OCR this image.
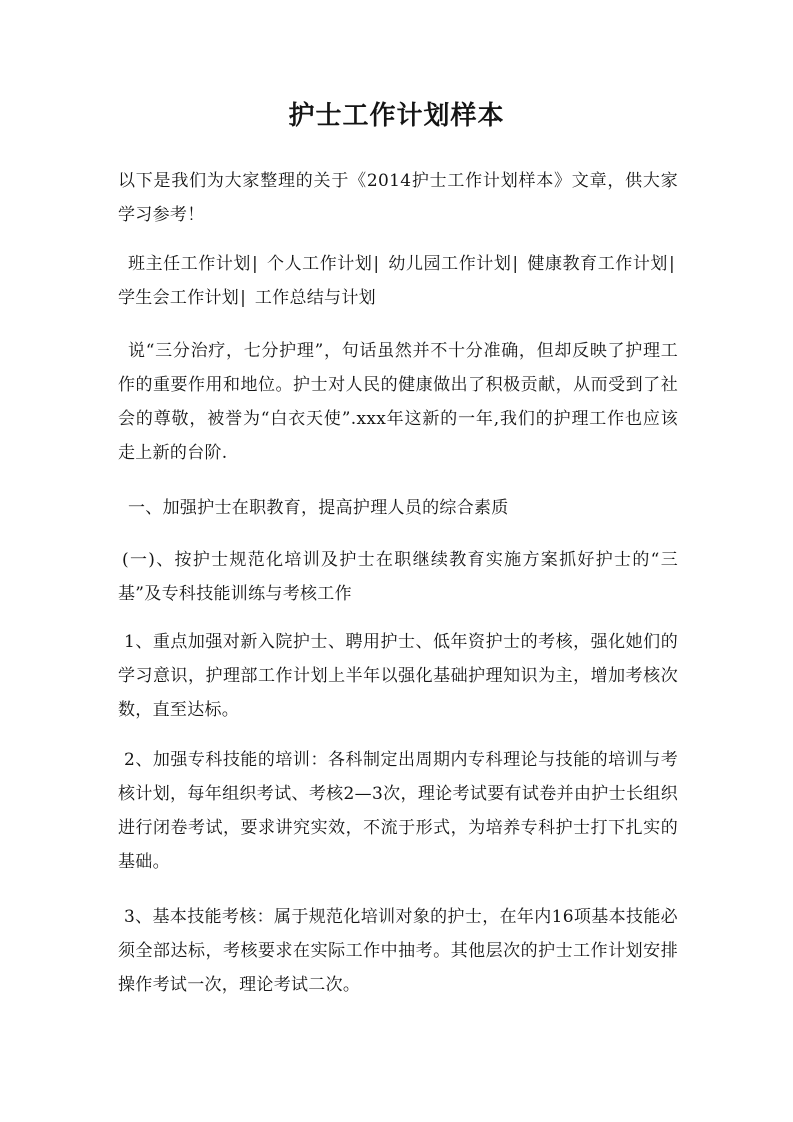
护士工作计划样本

以下是我们为大家整理的关于《2014护士工作计划样本》文章，供大家学习参考！

班主任工作计划| 个人工作计划| 幼儿园工作计划| 健康教育工作计划| 学生会工作计划| 工作总结与计划

说“三分治疗，七分护理”，句话虽然并不十分准确，但却反映了护理工作的重要作用和地位。护士对人民的健康做出了积极贡献，从而受到了社会的尊敬，被誉为“白衣天使”.xxx年这新的一年,我们的护理工作也应该走上新的台阶.

一、加强护士在职教育，提高护理人员的综合素质

(一)、按护士规范化培训及护士在职继续教育实施方案抓好护士的“三基”及专科技能训练与考核工作

1、重点加强对新入院护士、聘用护士、低年资护士的考核，强化她们的学习意识，护理部工作计划上半年以强化基础护理知识为主，增加考核次数，直至达标。

2、加强专科技能的培训：各科制定出周期内专科理论与技能的培训与考核计划，每年组织考试、考核2—3次，理论考试要有试卷并由护士长组织进行闭卷考试，要求讲究实效，不流于形式，为培养专科护士打下扎实的基础。

3、基本技能考核：属于规范化培训对象的护士，在年内16项基本技能必须全部达标，考核要求在实际工作中抽考。其他层次的护士工作计划安排操作考试一次，理论考试二次。
